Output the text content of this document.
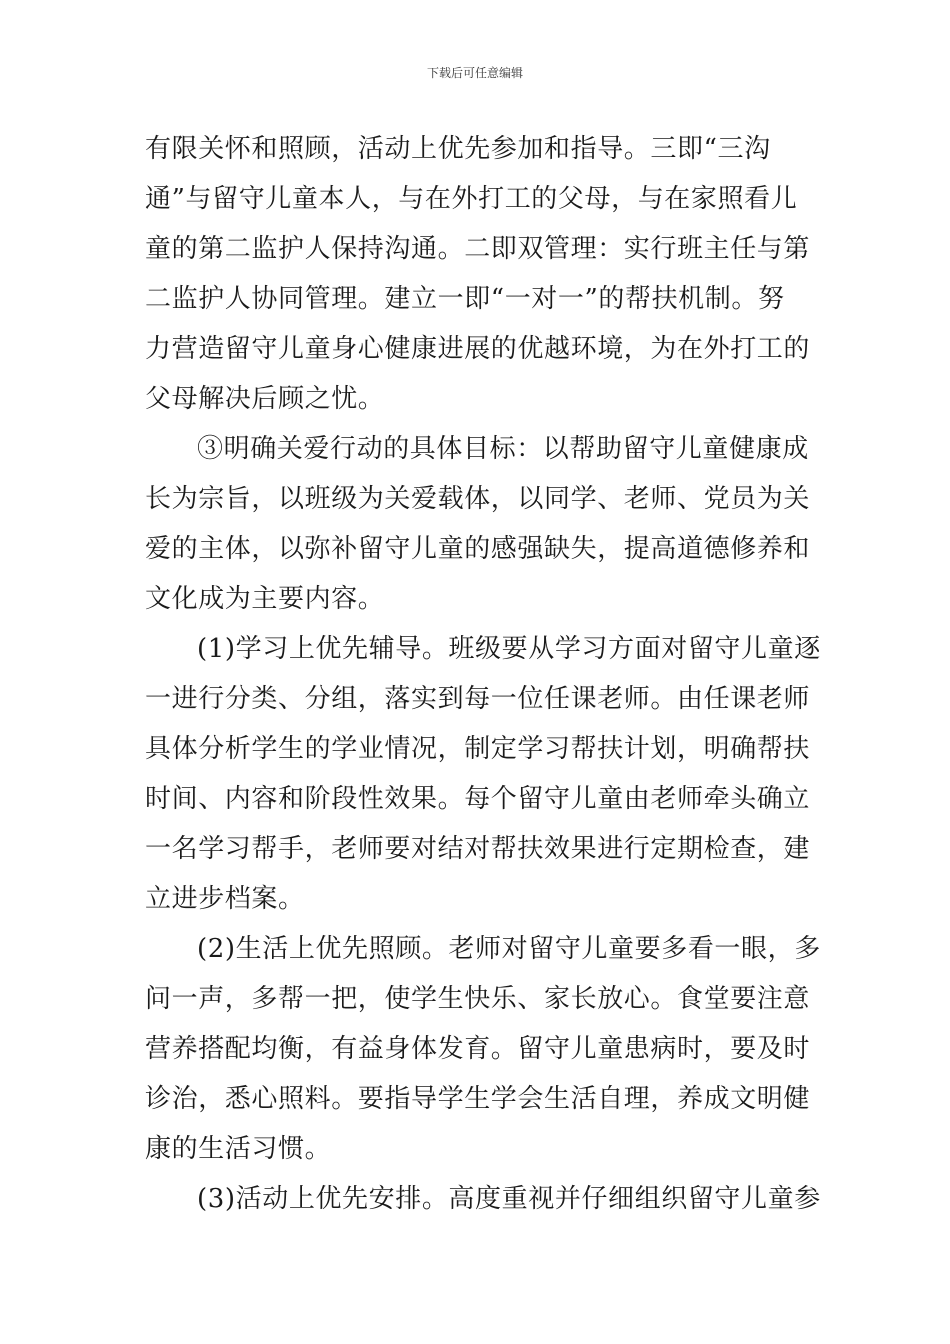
下载后可任意编辑
有限关怀和照顾，活动上优先参加和指导。三即“三沟
通”与留守儿童本人，与在外打工的父母，与在家照看儿
童的第二监护人保持沟通。二即双管理：实行班主任与第
二监护人协同管理。建立一即“一对一”的帮扶机制。努
力营造留守儿童身心健康进展的优越环境，为在外打工的
父母解决后顾之忧。
③明确关爱行动的具体目标：以帮助留守儿童健康成
长为宗旨，以班级为关爱载体，以同学、老师、党员为关
爱的主体，以弥补留守儿童的感强缺失，提高道德修养和
文化成为主要内容。
(1)学习上优先辅导。班级要从学习方面对留守儿童逐
一进行分类、分组，落实到每一位任课老师。由任课老师
具体分析学生的学业情况，制定学习帮扶计划，明确帮扶
时间、内容和阶段性效果。每个留守儿童由老师牵头确立
一名学习帮手，老师要对结对帮扶效果进行定期检查，建
立进步档案。
(2)生活上优先照顾。老师对留守儿童要多看一眼，多
问一声，多帮一把，使学生快乐、家长放心。食堂要注意
营养搭配均衡，有益身体发育。留守儿童患病时，要及时
诊治，悉心照料。要指导学生学会生活自理，养成文明健
康的生活习惯。
(3)活动上优先安排。高度重视并仔细组织留守儿童参
